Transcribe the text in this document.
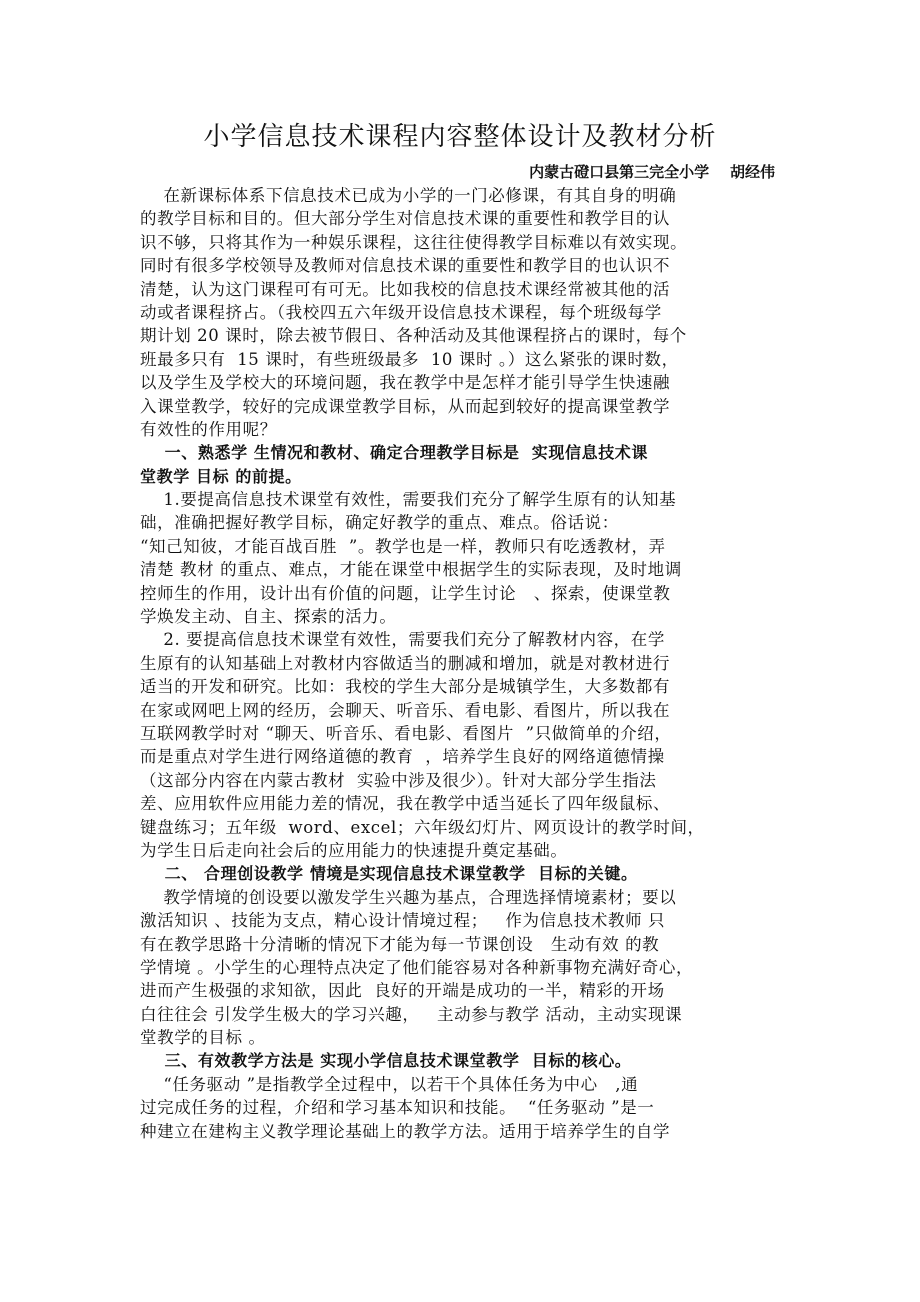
小学信息技术课程内容整体设计及教材分析
内蒙古磴口县第三完全小学    胡经伟
在新课标体系下信息技术已成为小学的一门必修课，有其自身的明确
的教学目标和目的。但大部分学生对信息技术课的重要性和教学目的认
识不够，只将其作为一种娱乐课程，这往往使得教学目标难以有效实现。
同时有很多学校领导及教师对信息技术课的重要性和教学目的也认识不
清楚，认为这门课程可有可无。比如我校的信息技术课经常被其他的活
动或者课程挤占。（我校四五六年级开设信息技术课程，每个班级每学
期计划 20 课时，除去被节假日、各种活动及其他课程挤占的课时，每个
班最多只有  15 课时，有些班级最多  10 课时 。）这么紧张的课时数，
以及学生及学校大的环境问题，我在教学中是怎样才能引导学生快速融
入课堂教学，较好的完成课堂教学目标，从而起到较好的提高课堂教学
有效性的作用呢？
一、熟悉学 生情况和教材、确定合理教学目标是  实现信息技术课
堂教学 目标 的前提。
1.要提高信息技术课堂有效性，需要我们充分了解学生原有的认知基
础，准确把握好教学目标，确定好教学的重点、难点。俗话说：
“知己知彼，才能百战百胜  ”。教学也是一样，教师只有吃透教材，弄
清楚 教材 的重点、难点，才能在课堂中根据学生的实际表现，及时地调
控师生的作用，设计出有价值的问题，让学生讨论   、探索，使课堂教
学焕发主动、自主、探索的活力。
2. 要提高信息技术课堂有效性，需要我们充分了解教材内容，在学
生原有的认知基础上对教材内容做适当的删减和增加，就是对教材进行
适当的开发和研究。比如：我校的学生大部分是城镇学生，大多数都有
在家或网吧上网的经历，会聊天、听音乐、看电影、看图片，所以我在
互联网教学时对 “聊天、听音乐、看电影、看图片  ”只做简单的介绍，
而是重点对学生进行网络道德的教育  ，培养学生良好的网络道德情操
（这部分内容在内蒙古教材  实验中涉及很少）。针对大部分学生指法
差、应用软件应用能力差的情况，我在教学中适当延长了四年级鼠标、
键盘练习；五年级  word、excel；六年级幻灯片、网页设计的教学时间，
为学生日后走向社会后的应用能力的快速提升奠定基础。
二、 合理创设教学 情境是实现信息技术课堂教学  目标的关键。
教学情境的创设要以激发学生兴趣为基点，合理选择情境素材；要以
激活知识 、技能为支点，精心设计情境过程；   作为信息技术教师 只
有在教学思路十分清晰的情况下才能为每一节课创设   生动有效 的教
学情境 。小学生的心理特点决定了他们能容易对各种新事物充满好奇心，
进而产生极强的求知欲，因此  良好的开端是成功的一半，精彩的开场
白往往会 引发学生极大的学习兴趣，   主动参与教学 活动，主动实现课
堂教学的目标 。
三、有效教学方法是 实现小学信息技术课堂教学  目标的核心。
“任务驱动 ”是指教学全过程中，以若干个具体任务为中心   ,通
过完成任务的过程，介绍和学习基本知识和技能。  “任务驱动 ”是一
种建立在建构主义教学理论基础上的教学方法。适用于培养学生的自学
